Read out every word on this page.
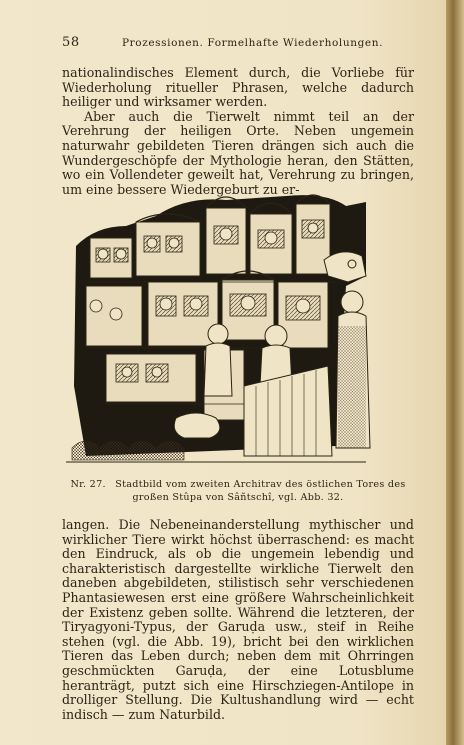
58	Prozessionen. Formelhafte Wiederholungen.

nationalindisches Element durch, die Vorliebe für Wiederholung ritueller Phrasen, welche dadurch heiliger und wirksamer werden.

Aber auch die Tierwelt nimmt teil an der Verehrung der heiligen Orte. Neben ungemein naturwahr gebildeten Tieren drängen sich auch die Wundergeschöpfe der Mythologie heran, den Stätten, wo ein Vollendeter geweilt hat, Verehrung zu bringen, um eine bessere Wiedergeburt zu er-

Nr. 27. Stadtbild vom zweiten Architrav des östlichen Tores des großen Stûpa von Sâñtschî, vgl. Abb. 32.

langen. Die Nebeneinanderstellung mythischer und wirklicher Tiere wirkt höchst überraschend: es macht den Eindruck, als ob die ungemein lebendig und charakteristisch dargestellte wirkliche Tierwelt den daneben abgebildeten, stilistisch sehr verschiedenen Phantasiewesen erst eine größere Wahrscheinlichkeit der Existenz geben sollte. Während die letzteren, der Tiryagyoni-Typus, der Garuḍa usw., steif in Reihe stehen (vgl. die Abb. 19), bricht bei den wirklichen Tieren das Leben durch; neben dem mit Ohrringen geschmückten Garuḍa, der eine Lotusblume heranträgt, putzt sich eine Hirschziegen-Antilope in drolliger Stellung. Die Kultushandlung wird — echt indisch — zum Naturbild.
